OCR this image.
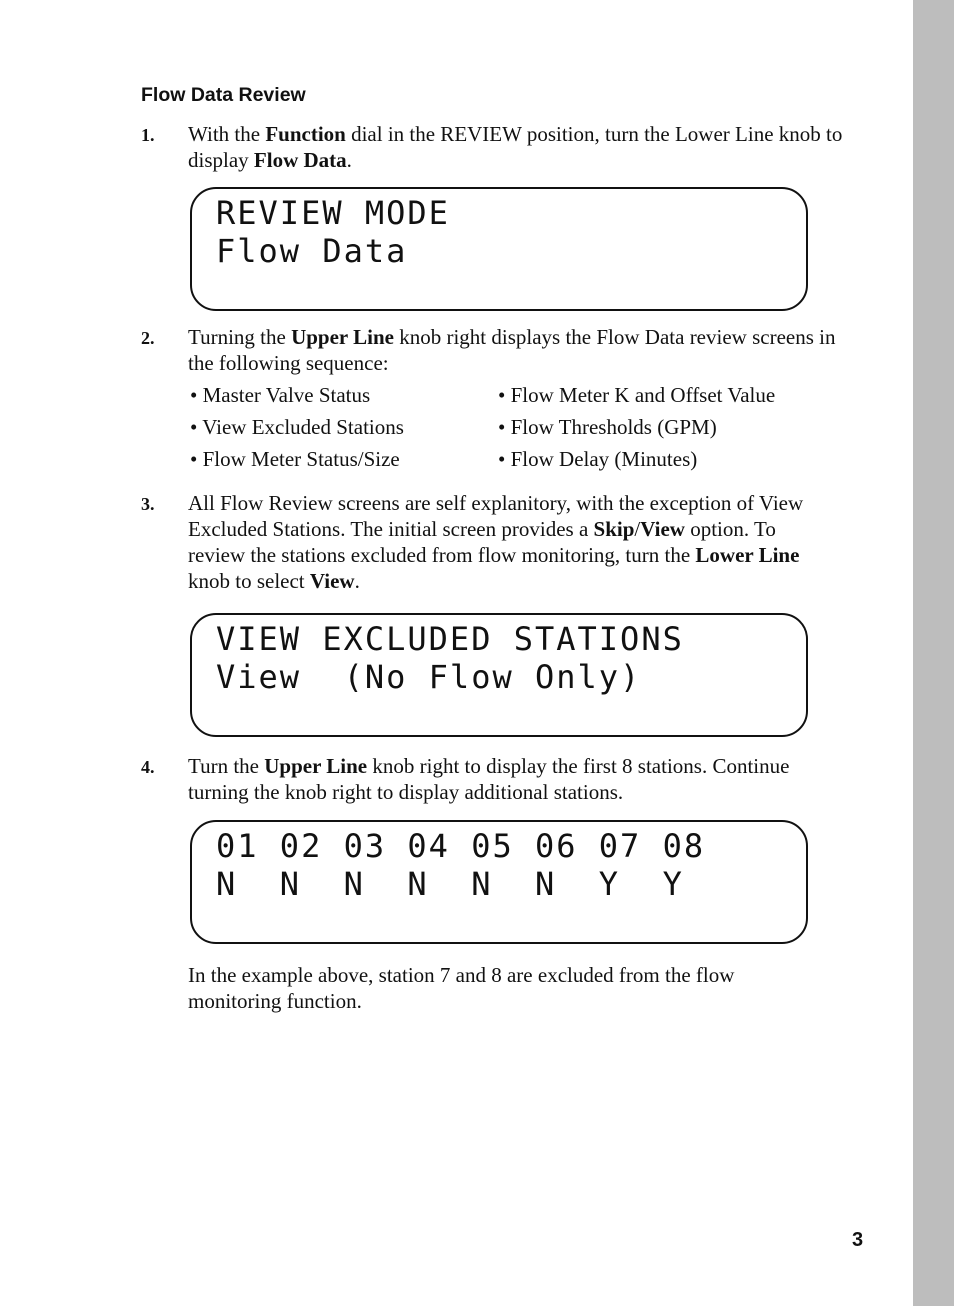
Flow Data Review
1. With the Function dial in the REVIEW position, turn the Lower Line knob to display Flow Data.
REVIEW MODE
Flow Data
2. Turning the Upper Line knob right displays the Flow Data review screens in the following sequence:
• Master Valve Status
• View Excluded Stations
• Flow Meter Status/Size
• Flow Meter K and Offset Value
• Flow Thresholds (GPM)
• Flow Delay (Minutes)
3. All Flow Review screens are self explanitory, with the exception of View Excluded Stations. The initial screen provides a Skip/View option. To review the stations excluded from flow monitoring, turn the Lower Line knob to select View.
VIEW EXCLUDED STATIONS
View  (No Flow Only)
4. Turn the Upper Line knob right to display the first 8 stations. Continue turning the knob right to display additional stations.
01 02 03 04 05 06 07 08
N  N  N  N  N  N  Y  Y
In the example above, station 7 and 8 are excluded from the flow monitoring function.
3
